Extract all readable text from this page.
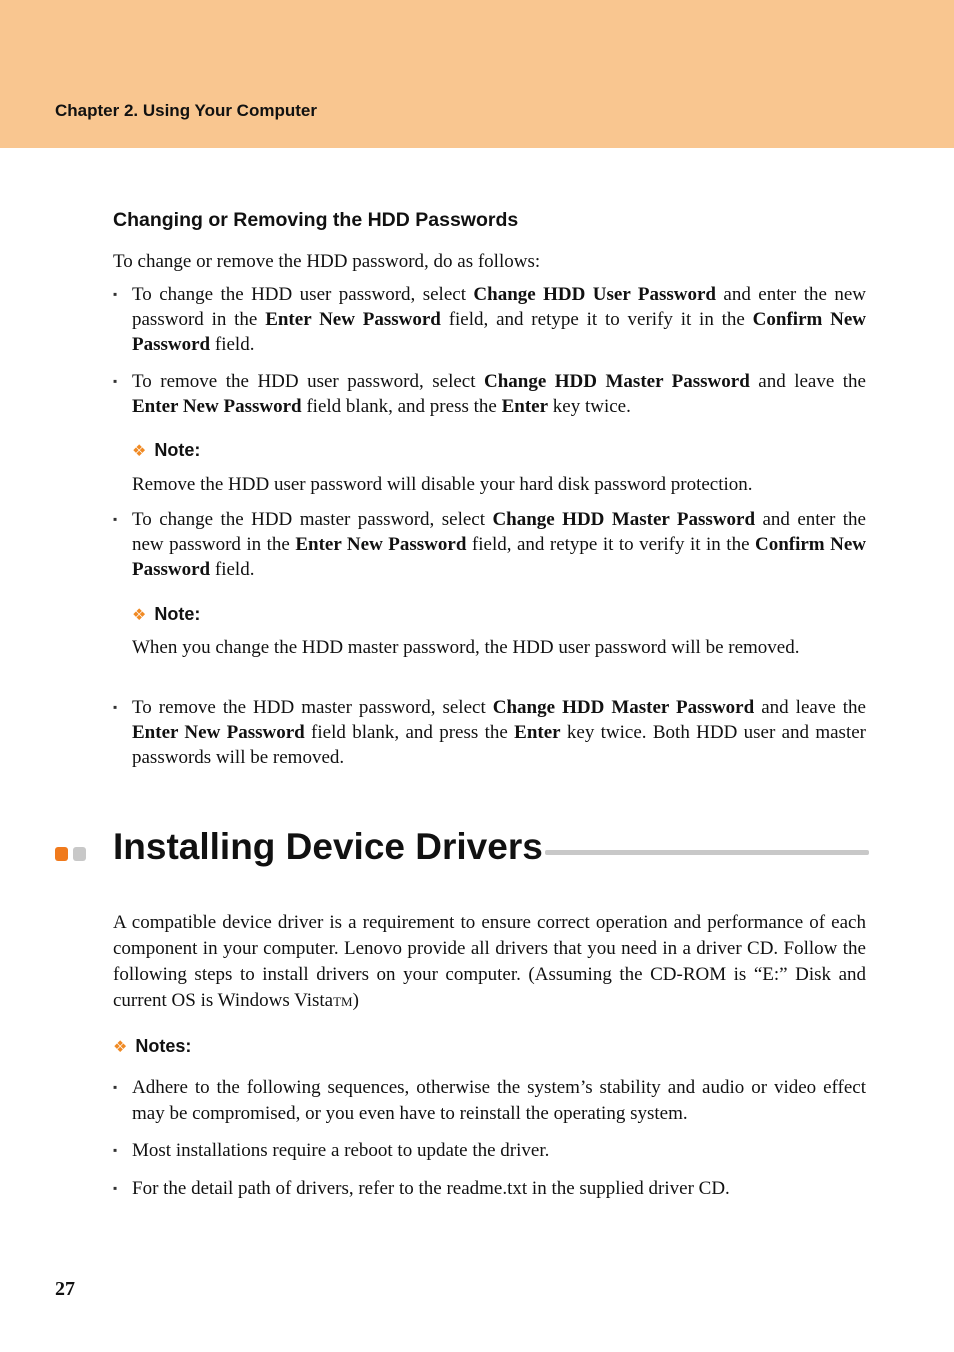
Chapter 2. Using Your Computer
Changing or Removing the HDD Passwords
To change or remove the HDD password, do as follows:
▪ To change the HDD user password, select Change HDD User Password and enter the new password in the Enter New Password field, and retype it to verify it in the Confirm New Password field.
▪ To remove the HDD user password, select Change HDD Master Password and leave the Enter New Password field blank, and press the Enter key twice.
❖ Note:
Remove the HDD user password will disable your hard disk password protection.
▪ To change the HDD master password, select Change HDD Master Password and enter the new password in the Enter New Password field, and retype it to verify it in the Confirm New Password field.
❖ Note:
When you change the HDD master password, the HDD user password will be removed.
▪ To remove the HDD master password, select Change HDD Master Password and leave the Enter New Password field blank, and press the Enter key twice. Both HDD user and master passwords will be removed.
Installing Device Drivers
A compatible device driver is a requirement to ensure correct operation and performance of each component in your computer. Lenovo provide all drivers that you need in a driver CD. Follow the following steps to install drivers on your computer. (Assuming the CD-ROM is “E:” Disk and current OS is Windows VistaTM)
❖ Notes:
▪ Adhere to the following sequences, otherwise the system’s stability and audio or video effect may be compromised, or you even have to reinstall the operating system.
▪ Most installations require a reboot to update the driver.
▪ For the detail path of drivers, refer to the readme.txt in the supplied driver CD.
27
